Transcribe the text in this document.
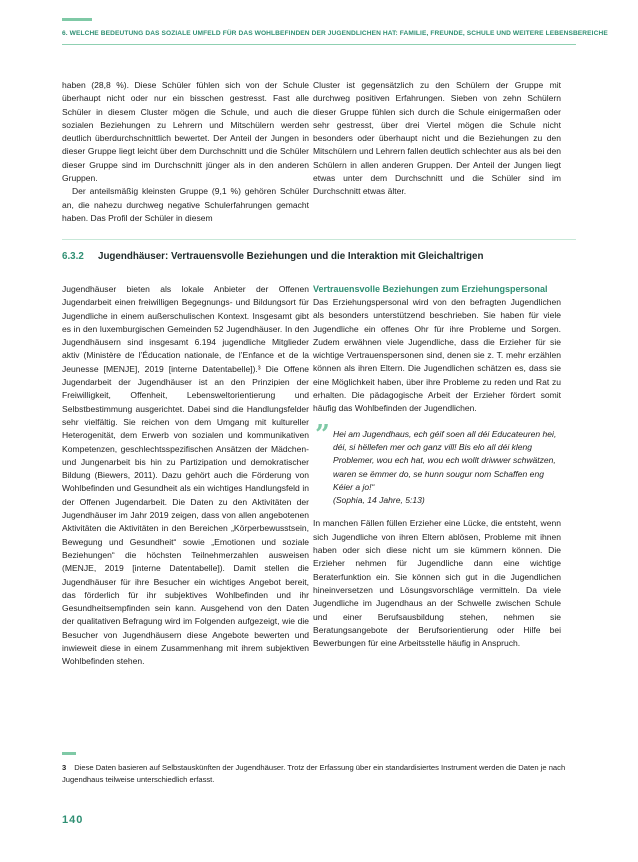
6. WELCHE BEDEUTUNG DAS SOZIALE UMFELD FÜR DAS WOHLBEFINDEN DER JUGENDLICHEN HAT: FAMILIE, FREUNDE, SCHULE UND WEITERE LEBENSBEREICHE

haben (28,8 %). Diese Schüler fühlen sich von der Schule überhaupt nicht oder nur ein bisschen gestresst. Fast alle Schüler in diesem Cluster mögen die Schule, und auch die sozialen Beziehungen zu Lehrern und Mitschülern werden deutlich überdurchschnittlich bewertet. Der Anteil der Jungen in dieser Gruppe liegt leicht über dem Durchschnitt und die Schüler dieser Gruppe sind im Durchschnitt jünger als in den anderen Gruppen.

Der anteilsmäßig kleinsten Gruppe (9,1 %) gehören Schüler an, die nahezu durchweg negative Schulerfahrungen gemacht haben. Das Profil der Schüler in diesem

Cluster ist gegensätzlich zu den Schülern der Gruppe mit durchweg positiven Erfahrungen. Sieben von zehn Schülern dieser Gruppe fühlen sich durch die Schule einigermaßen oder sehr gestresst, über drei Viertel mögen die Schule nicht besonders oder überhaupt nicht und die Beziehungen zu den Mitschülern und Lehrern fallen deutlich schlechter aus als bei den Schülern in allen anderen Gruppen. Der Anteil der Jungen liegt etwas unter dem Durchschnitt und die Schüler sind im Durchschnitt etwas älter.

6.3.2 Jugendhäuser: Vertrauensvolle Beziehungen und die Interaktion mit Gleichaltrigen

Jugendhäuser bieten als lokale Anbieter der Offenen Jugendarbeit einen freiwilligen Begegnungs- und Bildungsort für Jugendliche in einem außerschulischen Kontext. Insgesamt gibt es in den luxemburgischen Gemeinden 52 Jugendhäuser. In den Jugendhäusern sind insgesamt 6.194 jugendliche Mitglieder aktiv (Ministère de l’Éducation nationale, de l’Enfance et de la Jeunesse [MENJE], 2019 [interne Datentabelle]).³ Die Offene Jugendarbeit der Jugendhäuser ist an den Prinzipien der Freiwilligkeit, Offenheit, Lebensweltorientierung und Selbstbestimmung ausgerichtet. Dabei sind die Handlungsfelder sehr vielfältig. Sie reichen von dem Umgang mit kultureller Heterogenität, dem Erwerb von sozialen und kommunikativen Kompetenzen, geschlechtsspezifischen Ansätzen der Mädchen- und Jungenarbeit bis hin zu Partizipation und demokratischer Bildung (Biewers, 2011). Dazu gehört auch die Förderung von Wohlbefinden und Gesundheit als ein wichtiges Handlungsfeld in der Offenen Jugendarbeit. Die Daten zu den Aktivitäten der Jugendhäuser im Jahr 2019 zeigen, dass von allen angebotenen Aktivitäten die Aktivitäten in den Bereichen „Körperbewusstsein, Bewegung und Gesundheit“ sowie „Emotionen und soziale Beziehungen“ die höchsten Teilnehmerzahlen ausweisen (MENJE, 2019 [interne Datentabelle]). Damit stellen die Jugendhäuser für ihre Besucher ein wichtiges Angebot bereit, das förderlich für ihr subjektives Wohlbefinden und ihr Gesundheitsempfinden sein kann. Ausgehend von den Daten der qualitativen Befragung wird im Folgenden aufgezeigt, wie die Besucher von Jugendhäusern diese Angebote bewerten und inwieweit diese in einem Zusammenhang mit ihrem subjektiven Wohlbefinden stehen.

Vertrauensvolle Beziehungen zum Erziehungspersonal

Das Erziehungspersonal wird von den befragten Jugendlichen als besonders unterstützend beschrieben. Sie haben für viele Jugendliche ein offenes Ohr für ihre Probleme und Sorgen. Zudem erwähnen viele Jugendliche, dass die Erzieher für sie wichtige Vertrauenspersonen sind, denen sie z. T. mehr erzählen können als ihren Eltern. Die Jugendlichen schätzen es, dass sie eine Möglichkeit haben, über ihre Probleme zu reden und Rat zu erhalten. Die pädagogische Arbeit der Erzieher fördert somit häufig das Wohlbefinden der Jugendlichen.

” Hei am Jugendhaus, ech géif soen all déi Educateuren hei, déi, si hëllefen mer och ganz vill! Bis elo all déi kleng Problemer, wou ech hat, wou ech wollt driwwer schwätzen, waren se ëmmer do, se hunn sougur nom Schaffen eng Kéier a jo!“
(Sophia, 14 Jahre, 5:13)

In manchen Fällen füllen Erzieher eine Lücke, die entsteht, wenn sich Jugendliche von ihren Eltern ablösen, Probleme mit ihnen haben oder sich diese nicht um sie kümmern können. Die Erzieher nehmen für Jugendliche dann eine wichtige Beraterfunktion ein. Sie können sich gut in die Jugendlichen hineinversetzen und Lösungsvorschläge vermitteln. Da viele Jugendliche im Jugendhaus an der Schwelle zwischen Schule und einer Berufsausbildung stehen, nehmen sie Beratungsangebote der Berufsorientierung oder Hilfe bei Bewerbungen für eine Arbeitsstelle häufig in Anspruch.

3 Diese Daten basieren auf Selbstauskünften der Jugendhäuser. Trotz der Erfassung über ein standardisiertes Instrument werden die Daten je nach Jugendhaus teilweise unterschiedlich erfasst.
140
